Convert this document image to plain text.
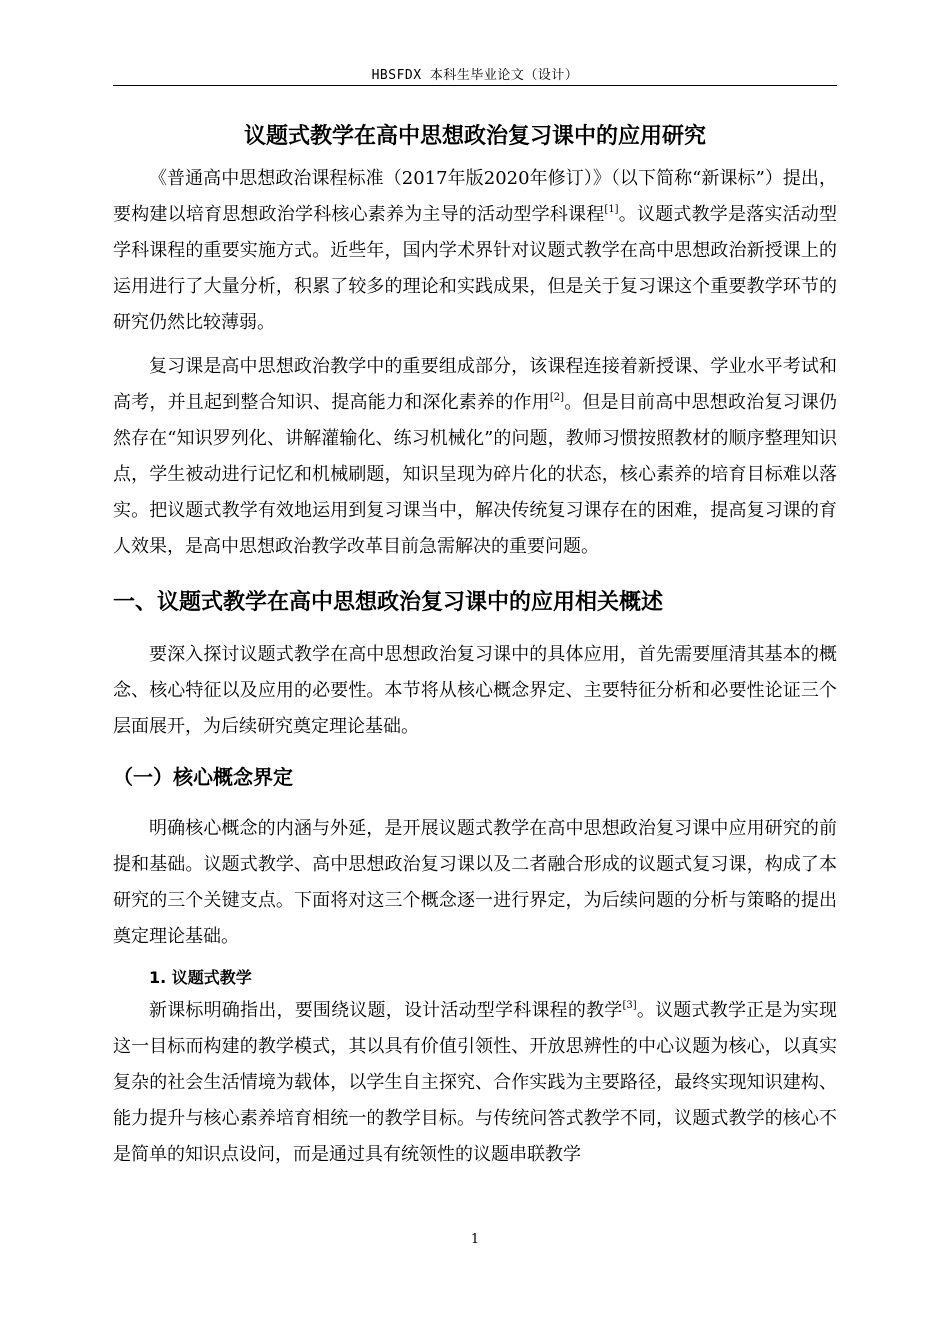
HBSFDX 本科生毕业论文（设计）
议题式教学在高中思想政治复习课中的应用研究

《普通高中思想政治课程标准（2017年版2020年修订）》（以下简称“新课标”）提出，要构建以培育思想政治学科核心素养为主导的活动型学科课程[1]。议题式教学是落实活动型学科课程的重要实施方式。近些年，国内学术界针对议题式教学在高中思想政治新授课上的运用进行了大量分析，积累了较多的理论和实践成果，但是关于复习课这个重要教学环节的研究仍然比较薄弱。

复习课是高中思想政治教学中的重要组成部分，该课程连接着新授课、学业水平考试和高考，并且起到整合知识、提高能力和深化素养的作用[2]。但是目前高中思想政治复习课仍然存在“知识罗列化、讲解灌输化、练习机械化”的问题，教师习惯按照教材的顺序整理知识点，学生被动进行记忆和机械刷题，知识呈现为碎片化的状态，核心素养的培育目标难以落实。把议题式教学有效地运用到复习课当中，解决传统复习课存在的困难，提高复习课的育人效果，是高中思想政治教学改革目前急需解决的重要问题。

一、议题式教学在高中思想政治复习课中的应用相关概述

要深入探讨议题式教学在高中思想政治复习课中的具体应用，首先需要厘清其基本的概念、核心特征以及应用的必要性。本节将从核心概念界定、主要特征分析和必要性论证三个层面展开，为后续研究奠定理论基础。

（一）核心概念界定

明确核心概念的内涵与外延，是开展议题式教学在高中思想政治复习课中应用研究的前提和基础。议题式教学、高中思想政治复习课以及二者融合形成的议题式复习课，构成了本研究的三个关键支点。下面将对这三个概念逐一进行界定，为后续问题的分析与策略的提出奠定理论基础。

1. 议题式教学

新课标明确指出，要围绕议题，设计活动型学科课程的教学[3]。议题式教学正是为实现这一目标而构建的教学模式，其以具有价值引领性、开放思辨性的中心议题为核心，以真实复杂的社会生活情境为载体，以学生自主探究、合作实践为主要路径，最终实现知识建构、能力提升与核心素养培育相统一的教学目标。与传统问答式教学不同，议题式教学的核心不是简单的知识点设问，而是通过具有统领性的议题串联教学

1
